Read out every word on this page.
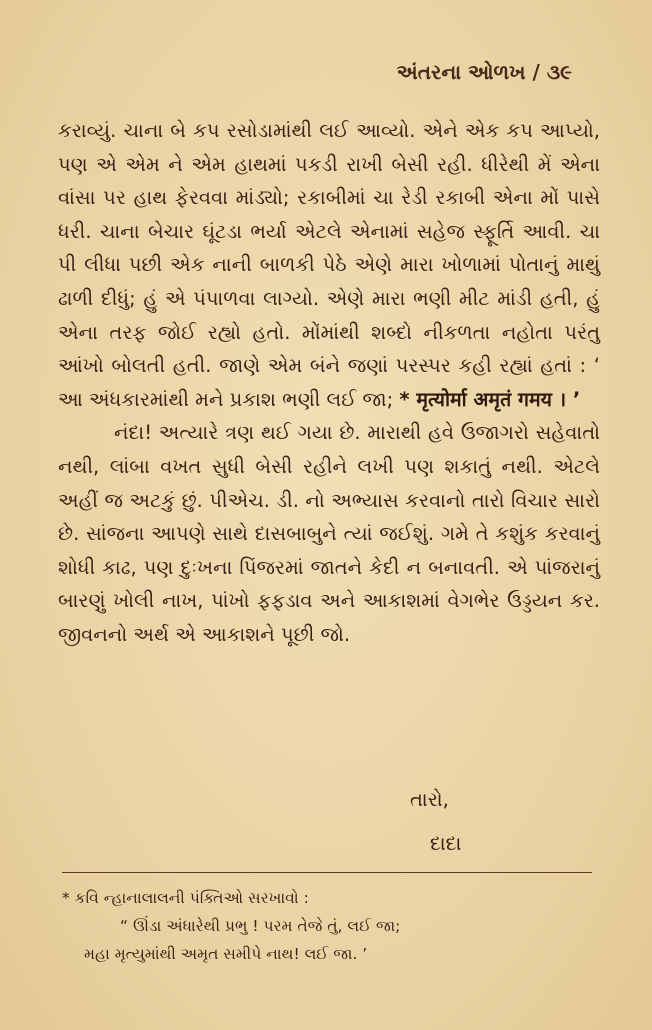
અંતરના ઓળખ / ૩૯

કરાવ્યું. ચાના બે કપ રસોડામાંથી લઈ આવ્યો. એને એક કપ આપ્યો, પણ એ એમ ને એમ હાથમાં પકડી રાખી બેસી રહી. ધીરેથી મેં એના વાંસા પર હાથ ફેરવવા માંડ્યો; રકાબીમાં ચા રેડી રકાબી એના મોં પાસે ધરી. ચાના બેચાર ઘૂંટડા ભર્યા એટલે એનામાં સહેજ સ્ફૂર્તિ આવી. ચા પી લીધા પછી એક નાની બાળકી પેઠે એણે મારા ખોળામાં પોતાનું માથું ઢાળી દીધું; હું એ પંપાળવા લાગ્યો. એણે મારા ભણી મીટ માંડી હતી, હું એના તરફ જોઈ રહ્યો હતો. મોંમાંથી શબ્દો નીકળતા નહોતા પરંતુ આંખો બોલતી હતી. જાણે એમ બંને જણાં પરસ્પર કહી રહ્યાં હતાં : ‘ આ અંધકારમાંથી મને પ્રકાશ ભણી લઈ જા; * मृत्योर्मा अमृतं गमय । ’

નંદા! અત્યારે ત્રણ થઈ ગયા છે. મારાથી હવે ઉજાગરો સહેવાતો નથી, લાંબા વખત સુધી બેસી રહીને લખી પણ શકાતું નથી. એટલે અહીં જ અટકું છું. પીએચ. ડી. નો અભ્યાસ કરવાનો તારો વિચાર સારો છે. સાંજના આપણે સાથે દાસબાબુને ત્યાં જઈશું. ગમે તે કશુંક કરવાનું શોધી કાઢ, પણ દુઃખના પિંજરમાં જાતને કેદી ન બનાવતી. એ પાંજરાનું બારણું ખોલી નાખ, પાંખો ફફડાવ અને આકાશમાં વેગભેર ઉડ્ડયન કર. જીવનનો અર્થ એ આકાશને પૂછી જો.

તારો,
દાદા
* કવિ ન્હાનાલાલની પંક્તિઓ સરખાવો :
“ ઊંડા અંધારેથી પ્રભુ ! પરમ તેજે તું, લઈ જા;
મહા મૃત્યુમાંથી અમૃત સમીપે નાથ! લઈ જા. ’
